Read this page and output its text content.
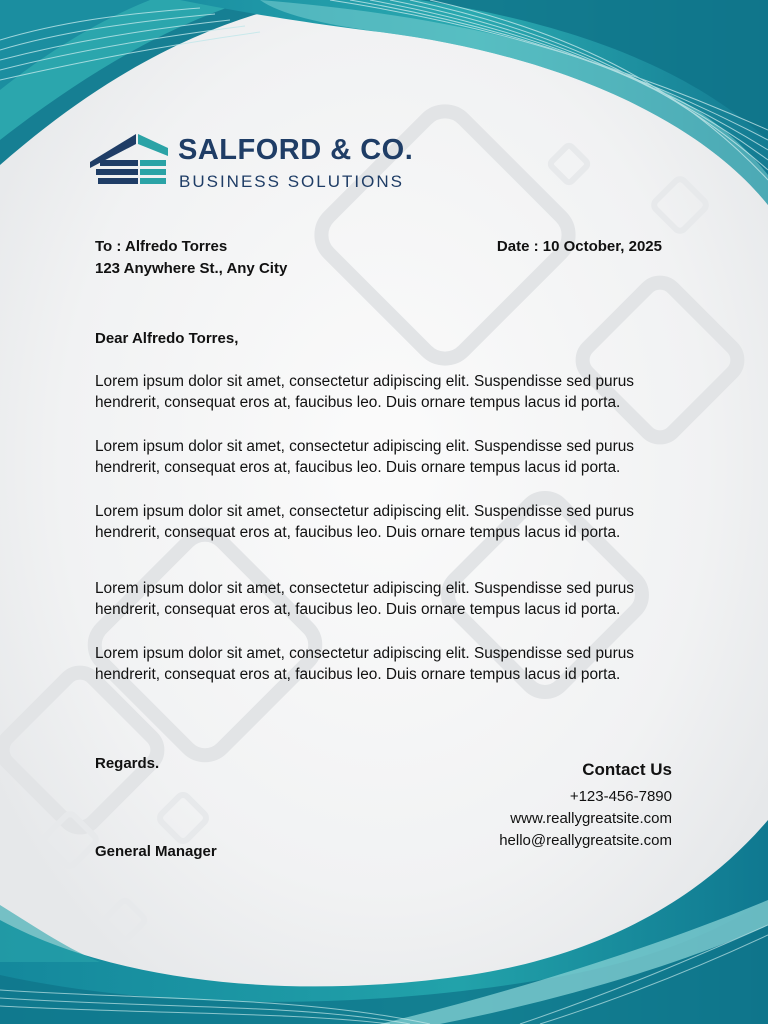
SALFORD & CO.
BUSINESS SOLUTIONS
To : Alfredo Torres
123 Anywhere St., Any City
Date : 10 October, 2025
Dear Alfredo Torres,
Lorem ipsum dolor sit amet, consectetur adipiscing elit. Suspendisse sed purus hendrerit, consequat eros at, faucibus leo. Duis ornare tempus lacus id porta.
Lorem ipsum dolor sit amet, consectetur adipiscing elit. Suspendisse sed purus hendrerit, consequat eros at, faucibus leo. Duis ornare tempus lacus id porta.
Lorem ipsum dolor sit amet, consectetur adipiscing elit. Suspendisse sed purus hendrerit, consequat eros at, faucibus leo. Duis ornare tempus lacus id porta.
Lorem ipsum dolor sit amet, consectetur adipiscing elit. Suspendisse sed purus hendrerit, consequat eros at, faucibus leo. Duis ornare tempus lacus id porta.
Lorem ipsum dolor sit amet, consectetur adipiscing elit. Suspendisse sed purus hendrerit, consequat eros at, faucibus leo. Duis ornare tempus lacus id porta.
Regards.
General Manager
Contact Us
+123-456-7890
www.reallygreatsite.com
hello@reallygreatsite.com
